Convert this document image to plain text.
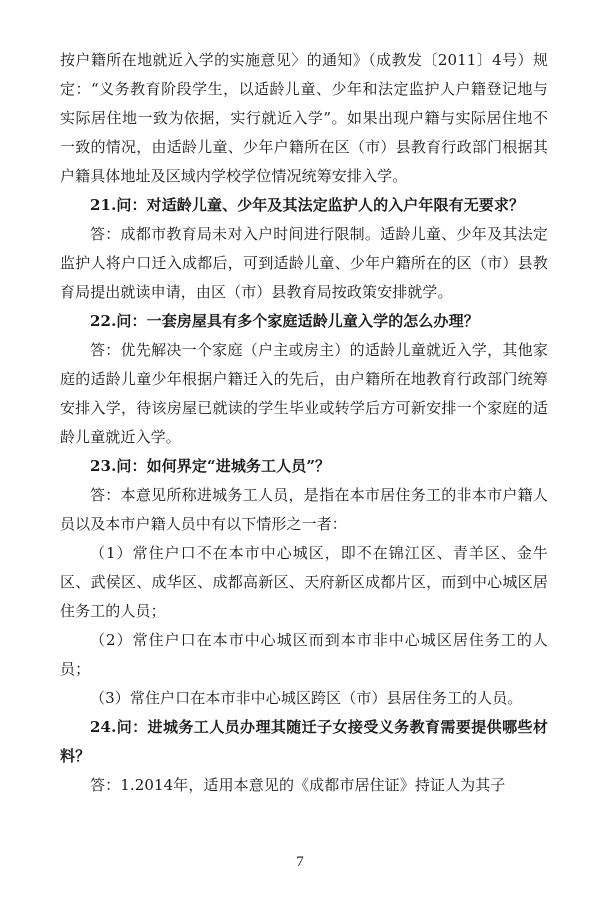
按户籍所在地就近入学的实施意见〉的通知》（成教发〔2011〕4号）规定：“义务教育阶段学生，以适龄儿童、少年和法定监护人户籍登记地与实际居住地一致为依据，实行就近入学”。如果出现户籍与实际居住地不一致的情况，由适龄儿童、少年户籍所在区（市）县教育行政部门根据其户籍具体地址及区域内学校学位情况统筹安排入学。

21.问：对适龄儿童、少年及其法定监护人的入户年限有无要求？

答：成都市教育局未对入户时间进行限制。适龄儿童、少年及其法定监护人将户口迁入成都后，可到适龄儿童、少年户籍所在的区（市）县教育局提出就读申请，由区（市）县教育局按政策安排就学。

22.问：一套房屋具有多个家庭适龄儿童入学的怎么办理？

答：优先解决一个家庭（户主或房主）的适龄儿童就近入学，其他家庭的适龄儿童少年根据户籍迁入的先后，由户籍所在地教育行政部门统筹安排入学，待该房屋已就读的学生毕业或转学后方可新安排一个家庭的适龄儿童就近入学。

23.问：如何界定“进城务工人员”？

答：本意见所称进城务工人员，是指在本市居住务工的非本市户籍人员以及本市户籍人员中有以下情形之一者：

（1）常住户口不在本市中心城区，即不在锦江区、青羊区、金牛区、武侯区、成华区、成都高新区、天府新区成都片区，而到中心城区居住务工的人员；

（2）常住户口在本市中心城区而到本市非中心城区居住务工的人员；

（3）常住户口在本市非中心城区跨区（市）县居住务工的人员。

24.问：进城务工人员办理其随迁子女接受义务教育需要提供哪些材料？

答：1.2014年，适用本意见的《成都市居住证》持证人为其子

7
